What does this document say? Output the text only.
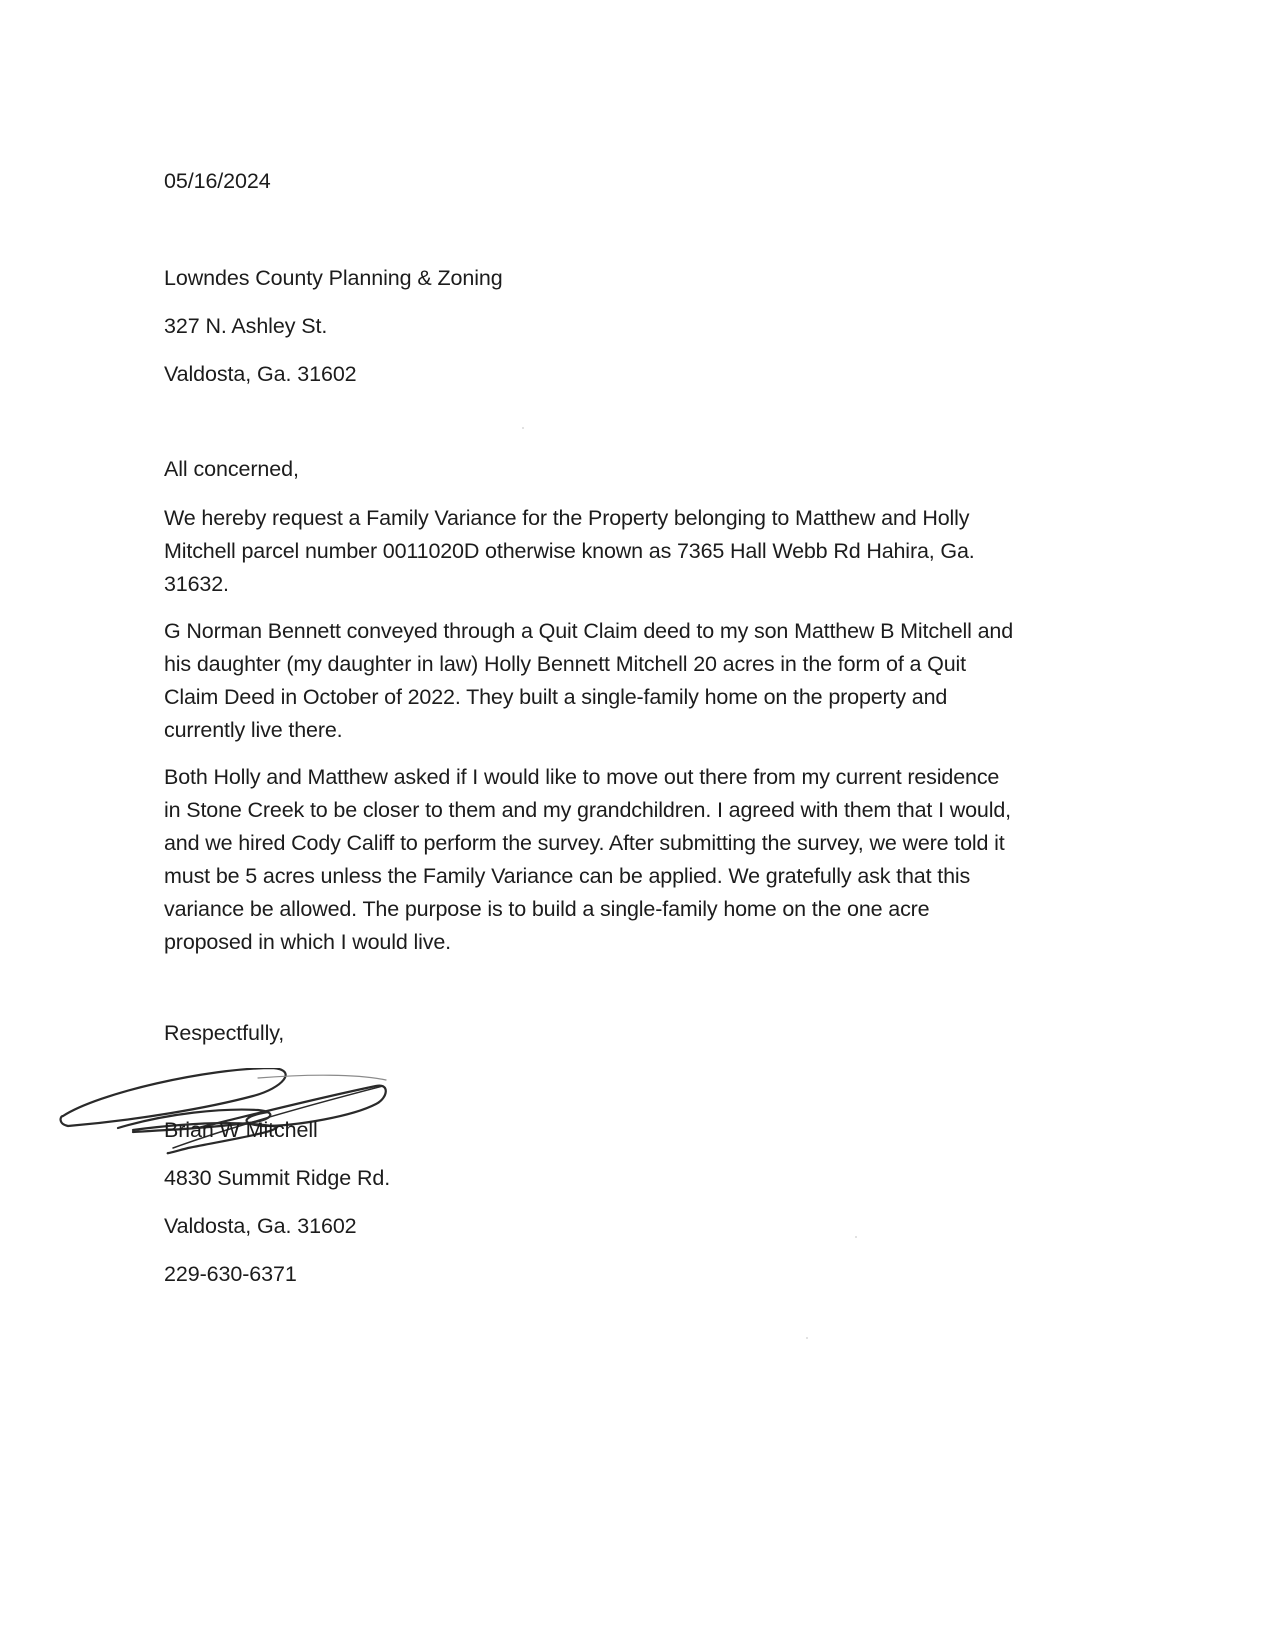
05/16/2024
Lowndes County Planning & Zoning
327 N. Ashley St.
Valdosta, Ga. 31602
All concerned,
We hereby request a Family Variance for the Property belonging to Matthew and Holly
Mitchell parcel number 0011020D otherwise known as 7365 Hall Webb Rd Hahira, Ga.
31632.
G Norman Bennett conveyed through a Quit Claim deed to my son Matthew B Mitchell and
his daughter (my daughter in law) Holly Bennett Mitchell 20 acres in the form of a Quit
Claim Deed in October of 2022. They built a single-family home on the property and
currently live there.
Both Holly and Matthew asked if I would like to move out there from my current residence
in Stone Creek to be closer to them and my grandchildren. I agreed with them that I would,
and we hired Cody Califf to perform the survey. After submitting the survey, we were told it
must be 5 acres unless the Family Variance can be applied. We gratefully ask that this
variance be allowed. The purpose is to build a single-family home on the one acre
proposed in which I would live.
Respectfully,
Brian W Mitchell
4830 Summit Ridge Rd.
Valdosta, Ga. 31602
229-630-6371
